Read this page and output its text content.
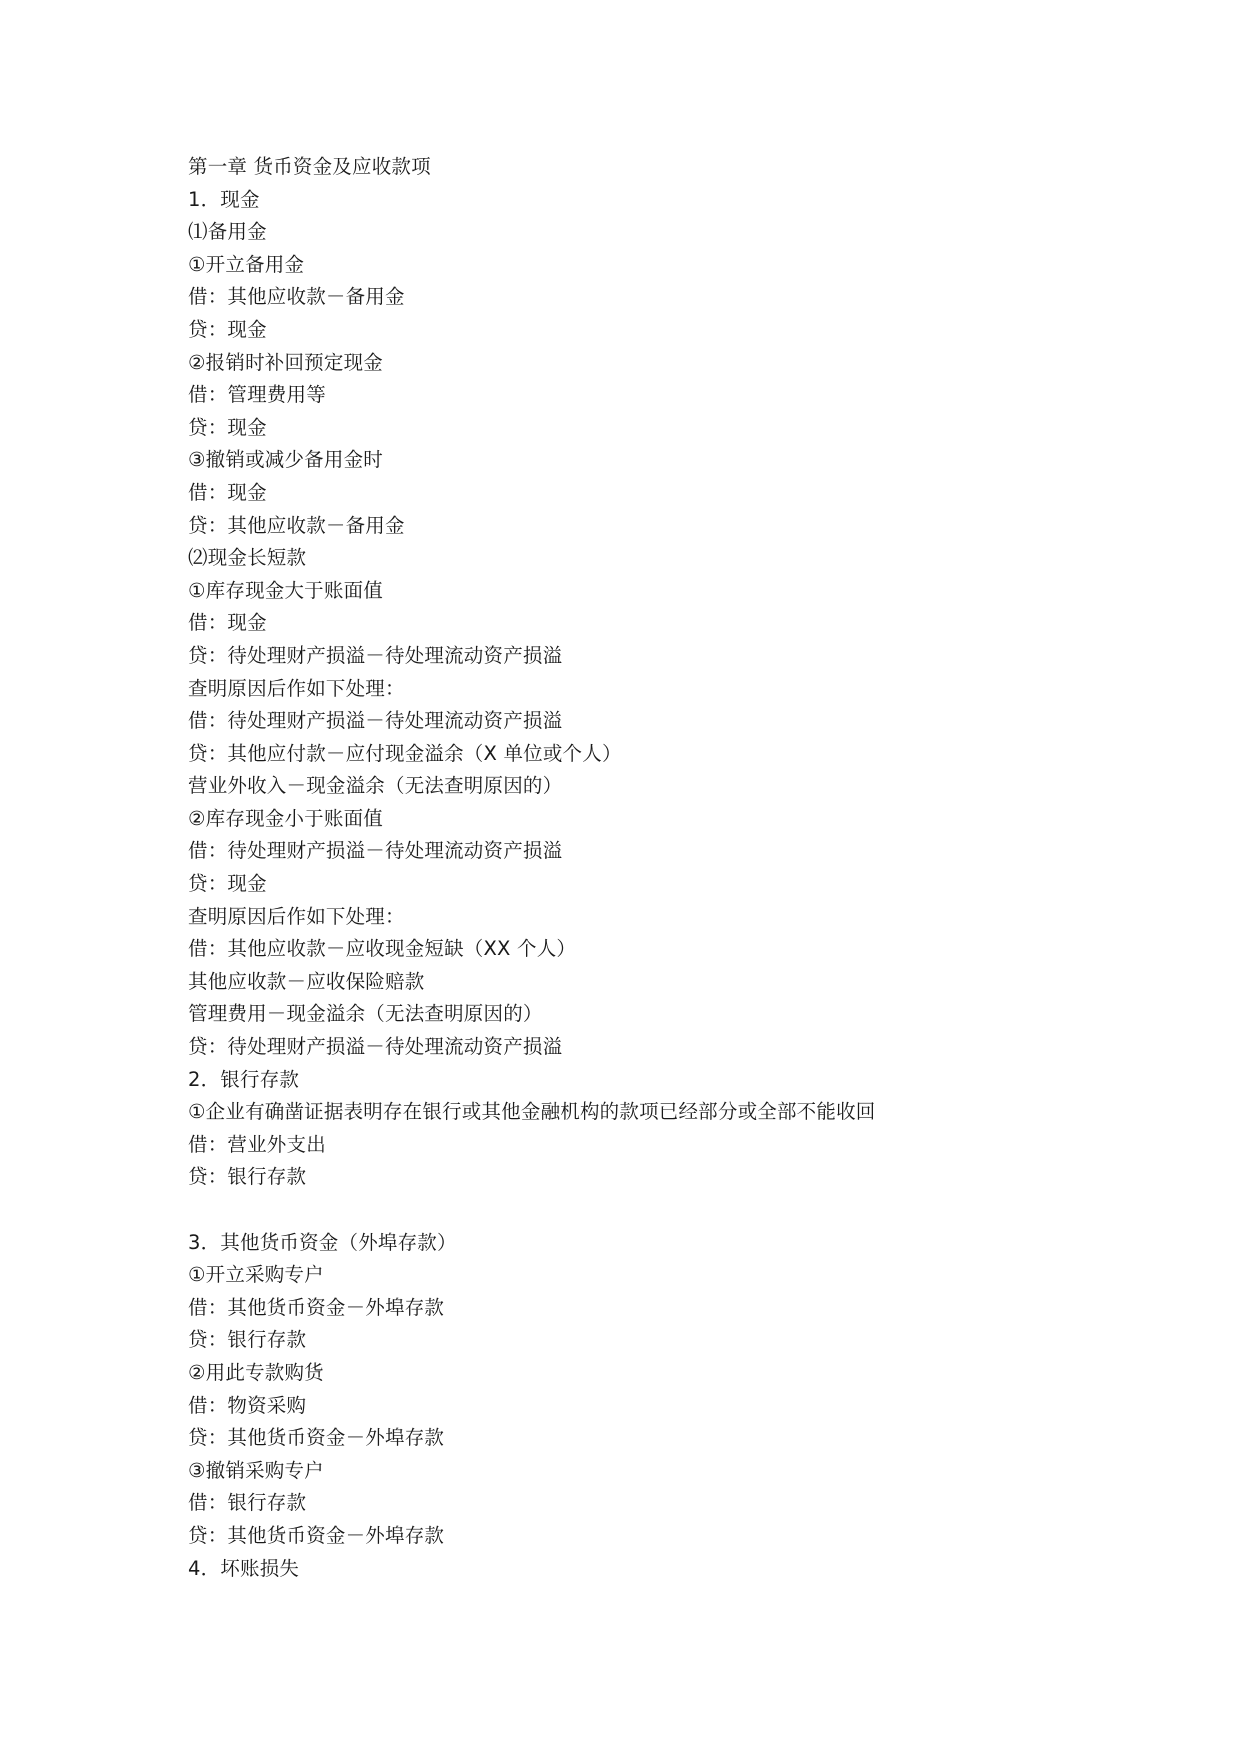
第一章 货币资金及应收款项
1．现金
⑴备用金
①开立备用金
借：其他应收款－备用金
贷：现金
②报销时补回预定现金
借：管理费用等
贷：现金
③撤销或减少备用金时
借：现金
贷：其他应收款－备用金
⑵现金长短款
①库存现金大于账面值
借：现金
贷：待处理财产损溢－待处理流动资产损溢
查明原因后作如下处理：
借：待处理财产损溢－待处理流动资产损溢
贷：其他应付款－应付现金溢余（X 单位或个人）
营业外收入－现金溢余（无法查明原因的）
②库存现金小于账面值
借：待处理财产损溢－待处理流动资产损溢
贷：现金
查明原因后作如下处理：
借：其他应收款－应收现金短缺（XX 个人）
其他应收款－应收保险赔款
管理费用－现金溢余（无法查明原因的）
贷：待处理财产损溢－待处理流动资产损溢
2．银行存款
①企业有确凿证据表明存在银行或其他金融机构的款项已经部分或全部不能收回
借：营业外支出
贷：银行存款
3．其他货币资金（外埠存款）
①开立采购专户
借：其他货币资金－外埠存款
贷：银行存款
②用此专款购货
借：物资采购
贷：其他货币资金－外埠存款
③撤销采购专户
借：银行存款
贷：其他货币资金－外埠存款
4．坏账损失
